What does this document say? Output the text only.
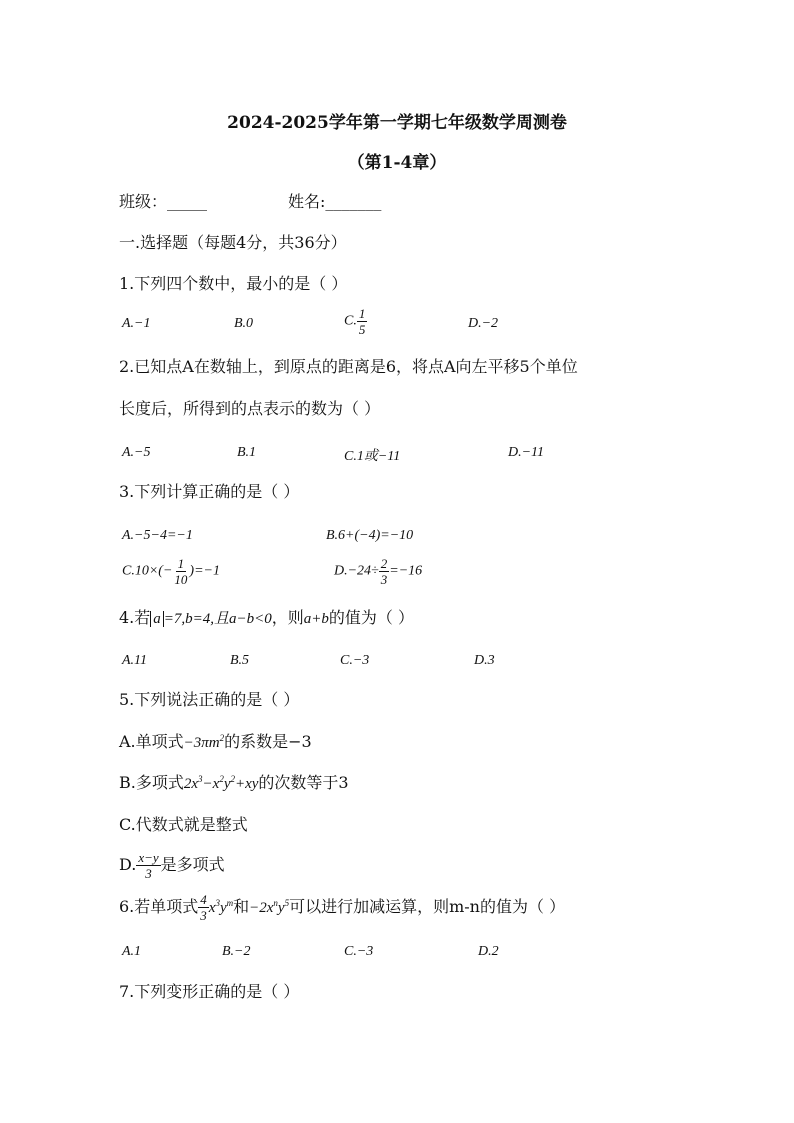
2024-2025学年第一学期七年级数学周测卷
（第1-4章）
班级：_____	姓名:_______
一.选择题（每题4分，共36分）
1.下列四个数中，最小的是（ ）
A.−1	B.0	C. $\frac{1}{5}$	D.−2
2.已知点A在数轴上，到原点的距离是6，将点A向左平移5个单位
长度后，所得到的点表示的数为（ ）
A.−5	B.1	C.1或−11	D.−11
3.下列计算正确的是（ ）
A.−5−4=−1	B.6+(−4)=−10
$C.10\times(- \frac{1}{10} )=-1$	$D.-24\div \frac{2}{3} =-16$
4.若 a =7,b=4,且a−b<0，则a+b的值为（ ）
A.11	B.5	C.−3	D.3
5.下列说法正确的是（ ）
A.单项式$-3\pi m^2$的系数是−3
B.多项式$2x^3-x^2y^2+xy$的次数等于3
C.代数式就是整式
D. $\frac{x-y}{3}$ 是多项式
6.若单项式 $\frac{4}{3} x^3y^m$和$-2x^ny^5$可以进行加减运算，则m-n的值为（ ）
A.1	B.−2	C.−3	D.2
7.下列变形正确的是（ ）
